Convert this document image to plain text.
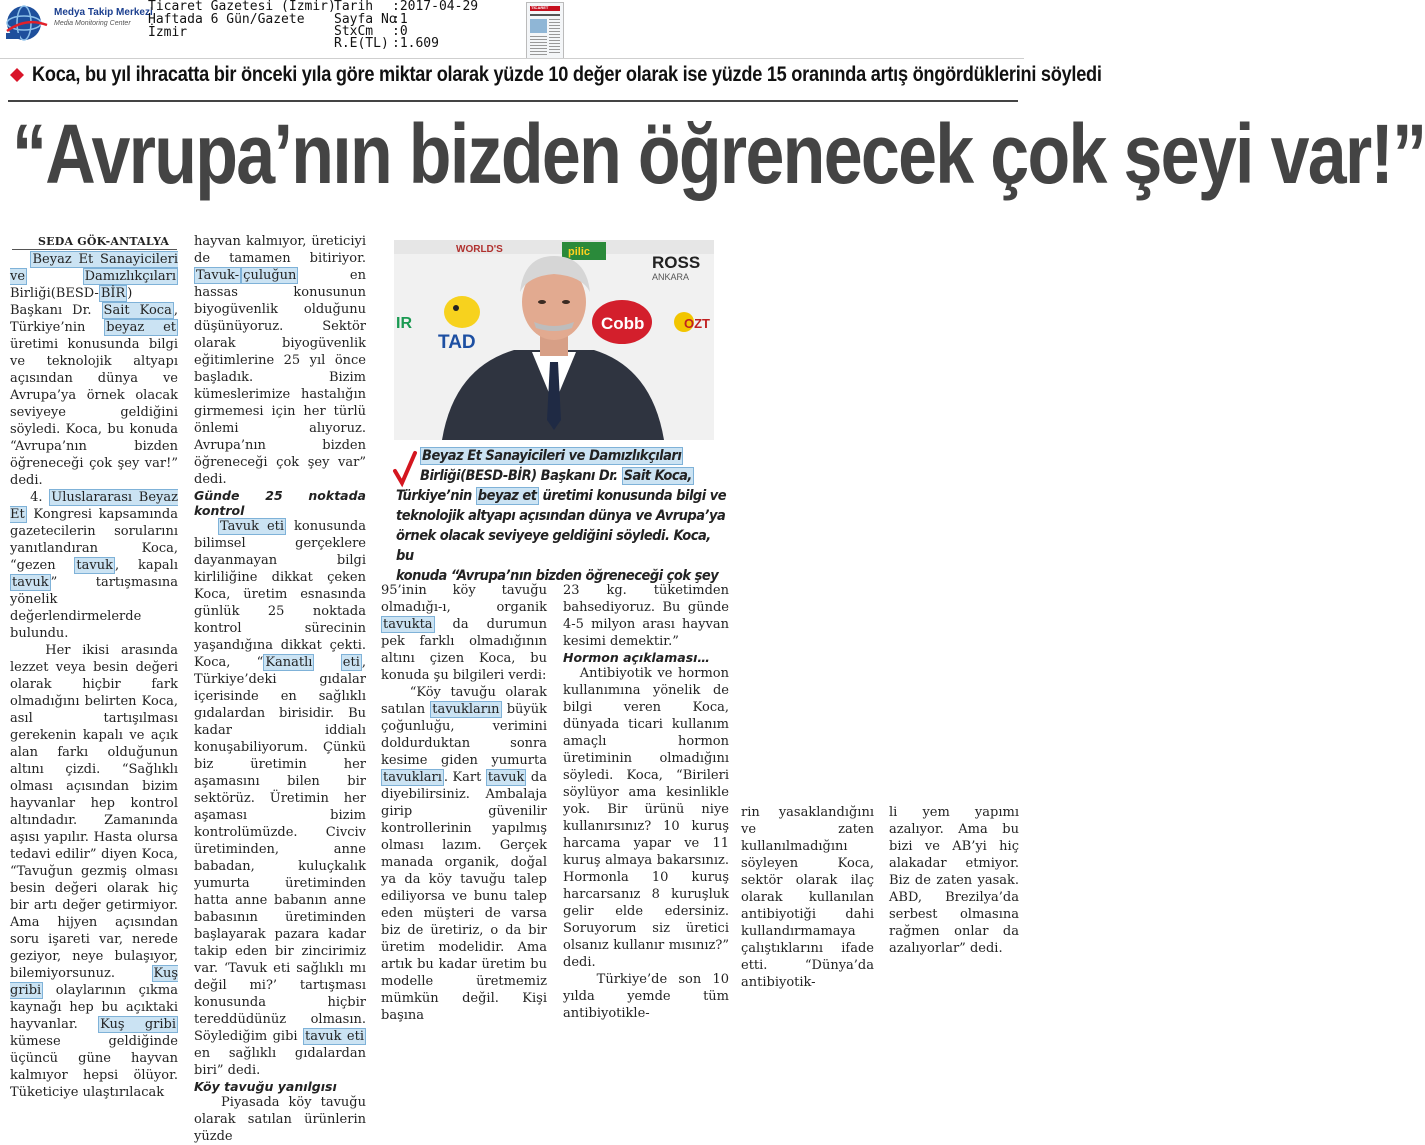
Medya Takip Merkezi
Media Monitoring Center
Ticaret Gazetesi (İzmir)
Haftada 6 Gün/Gazete
İzmir
Tarih :2017-04-29
Sayfa No
:1
StxCm :0
R.E(TL) :1.609
TİCARET
Koca, bu yıl ihracatta bir önceki yıla göre miktar olarak yüzde 10 değer olarak ise yüzde 15 oranında artış öngördüklerini söyledi
“Avrupa’nın bizden öğrenecek çok şeyi var!”
SEDA GÖK-ANTALYA

Beyaz Et Sanayicileri ve	Damızlıkçıları Birliği(BESD- BİR ) Başkanı Dr. Sait Koca , Türkiye’nin beyaz et üretimi konusunda bilgi ve teknolojik altyapı açısından dünya ve Avrupa’ya örnek olacak seviyeye geldiğini söyledi. Koca, bu konuda “Avrupa’nın bizden öğreneceği çok şey var!” dedi.

4. Uluslararası Beyaz Et Kongresi kapsamında gazetecilerin sorularını yanıtlandıran Koca, “gezen tavuk , kapalı tavuk ” tartışmasına yönelik değerlendirmelerde bulundu.

Her ikisi arasında lezzet veya besin değeri olarak hiçbir fark olmadığını belirten Koca, asıl tartışılması gerekenin kapalı ve açık alan farkı olduğunun altını çizdi. “Sağlıklı olması açısından bizim hayvanlar hep kontrol altındadır. Zamanında aşısı yapılır. Hasta olursa tedavi edilir” diyen Koca, “Tavuğun gezmiş olması besin değeri olarak hiç bir artı değer getirmiyor. Ama hijyen açısından soru işareti var, nerede geziyor, neye bulaşıyor, bilemiyorsunuz. Kuş gribi olaylarının çıkma kaynağı hep bu açıktaki hayvanlar. Kuş gribi kümese geldiğinde üçüncü güne hayvan kalmıyor hepsi ölüyor. Tüketiciye ulaştırılacak

hayvan kalmıyor, üreticiyi de tamamen bitiriyor. Tavuk- çuluğun en hassas konusunun biyogüvenlik olduğunu düşünüyoruz. Sektör olarak biyogüvenlik eğitimlerine 25 yıl önce başladık. Bizim kümeslerimize hastalığın girmemesi için her türlü önlemi alıyoruz. Avrupa’nın bizden öğreneceği çok şey var” dedi.

Günde 25 noktada kontrol

Tavuk eti konusunda bilimsel gerçeklere dayanmayan bilgi kirliliğine dikkat çeken Koca, üretim esnasında günlük 25 noktada kontrol sürecinin yaşandığına dikkat çekti. Koca, “ Kanatlı eti , Türkiye’deki gıdalar içerisinde en sağlıklı gıdalardan birisidir. Bu kadar iddialı konuşabiliyorum. Çünkü biz üretimin her aşamasını bilen bir sektörüz. Üretimin her aşaması bizim kontrolümüzde. Civciv üretiminden, anne babadan, kuluçkalık yumurta üretiminden hatta anne babanın anne babasının üretiminden başlayarak pazara kadar takip eden bir zincirimiz var. ‘Tavuk eti sağlıklı mı değil mi?’ tartışması konusunda hiçbir tereddüdünüz olmasın. Söylediğim gibi tavuk eti en sağlıklı gıdalardan biri” dedi.

Köy tavuğu yanılgısı

Piyasada köy tavuğu olarak satılan ürünlerin yüzde

WORLD'S	pilic
ROSS
ANKARA
IR
TAD
Cobb	OZT
Beyaz Et Sanayicileri ve Damızlıkçıları
Birliği(BESD-BİR) Başkanı Dr. Sait Koca,
Türkiye’nin beyaz et üretimi konusunda bilgi ve
teknolojik altyapı açısından dünya ve Avrupa’ya
örnek olacak seviyeye geldiğini söyledi. Koca, bu
konuda “Avrupa’nın bizden öğreneceği çok şey

95’inin köy tavuğu olmadığı-ı, organik tavukta da durumun pek farklı olmadığının altını çizen Koca, bu konuda şu bilgileri verdi:

“Köy tavuğu olarak satılan tavukların büyük çoğunluğu, verimini doldurduktan sonra kesime giden yumurta tavukları . Kart tavuk da diyebilirsiniz. Ambalaja girip güvenilir kontrollerinin yapılmış olması lazım. Gerçek manada organik, doğal ya da köy tavuğu talep ediliyorsa ve bunu talep eden müşteri de varsa biz de üretiriz, o da bir üretim modelidir. Ama artık bu kadar üretim bu modelle üretmemiz mümkün değil. Kişi başına

23 kg. tüketimden bahsediyoruz. Bu günde 4-5 milyon arası hayvan kesimi demektir.”

Hormon açıklaması…

Antibiyotik ve hormon kullanımına yönelik de bilgi veren Koca, dünyada ticari kullanım amaçlı hormon üretiminin olmadığını söyledi. Koca, “Birileri söylüyor ama kesinlikle yok. Bir ürünü niye kullanırsınız? 10 kuruş harcama yapar ve 11 kuruş almaya bakarsınız. Hormonla 10 kuruş harcarsanız 8 kuruşluk gelir elde edersiniz. Soruyorum siz üretici olsanız kullanır mısınız?” dedi.

Türkiye’de son 10 yılda yemde tüm antibiyotikle-

rin yasaklandığını ve zaten kullanılmadığını söyleyen Koca, sektör olarak ilaç olarak kullanılan antibiyotiği dahi kullandırmamaya çalıştıklarını ifade etti. “Dünya’da antibiyotik-

li yem yapımı azalıyor. Ama bu bizi ve AB’yi hiç alakadar etmiyor. Biz de zaten yasak. ABD, Brezilya’da serbest olmasına rağmen onlar da azalıyorlar” dedi.
